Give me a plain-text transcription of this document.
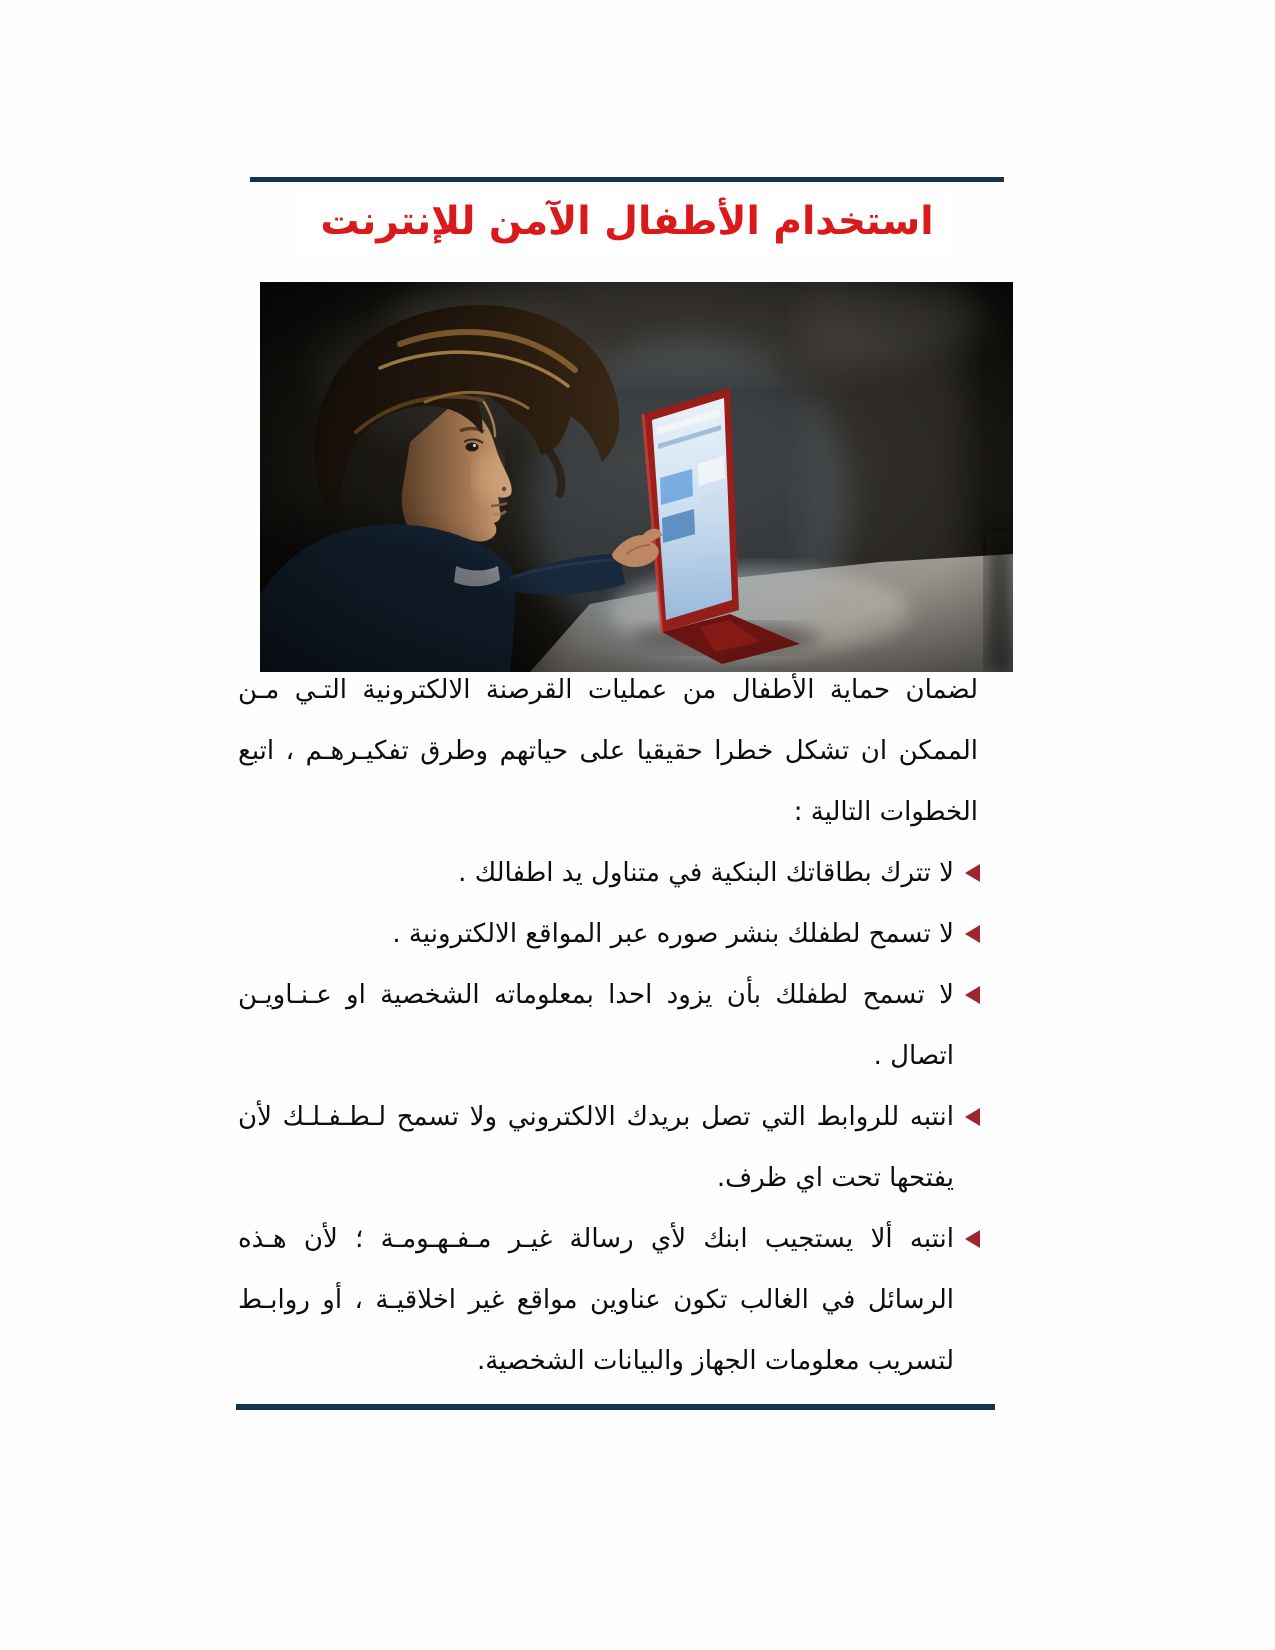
استخدام الأطفال الآمن للإنترنت

لضمان حماية الأطفال من عمليات القرصنة الالكترونية التـي مـن الممكن ان تشكل خطرا حقيقيا على حياتهم وطرق تفكيـرهـم ، اتبع الخطوات التالية :

لا تترك بطاقاتك البنكية في متناول يد اطفالك .
لا تسمح لطفلك بنشر صوره عبر المواقع الالكترونية .
لا تسمح لطفلك بأن يزود احدا بمعلوماته الشخصية او عـنـاويـن اتصال .
انتبه للروابط التي تصل بريدك الالكتروني ولا تسمح لـطـفـلـك لأن يفتحها تحت اي ظرف.
انتبه ألا يستجيب ابنك لأي رسالة غيـر مـفـهـومـة ؛ لأن هـذه الرسائل في الغالب تكون عناوين مواقع غير اخلاقيـة ، أو روابـط لتسريب معلومات الجهاز والبيانات الشخصية.
